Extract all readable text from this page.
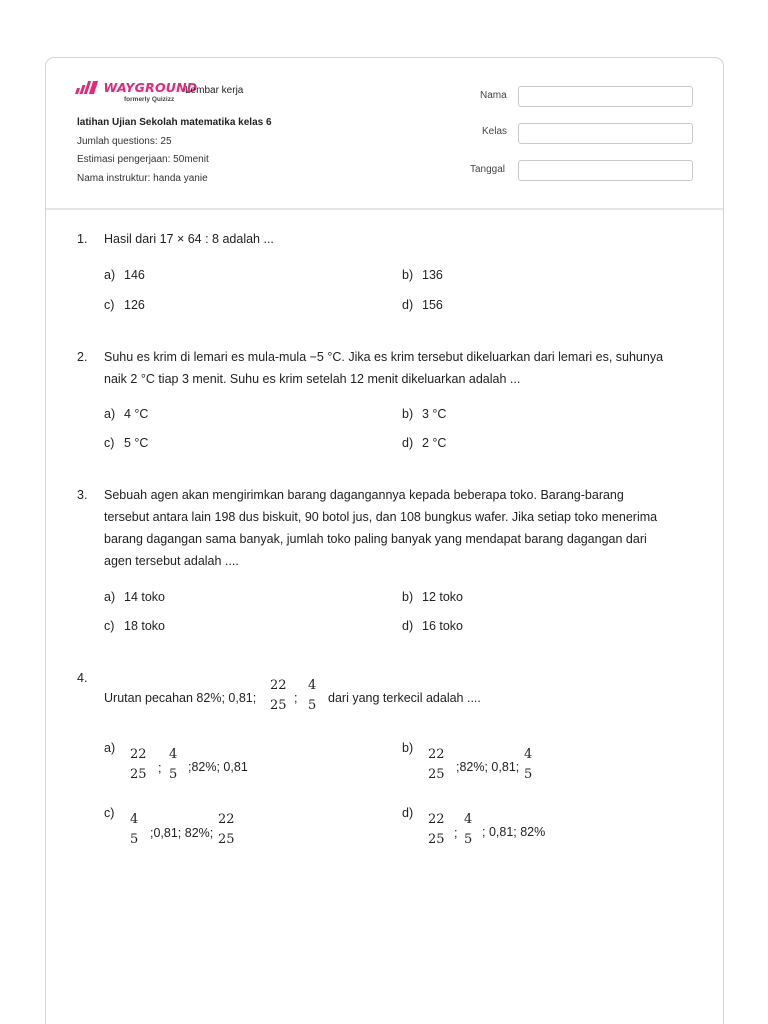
WAYGROUND
formerly Quizizz
Lembar kerja
latihan Ujian Sekolah matematika kelas 6
Jumlah questions: 25
Estimasi pengerjaan: 50menit
Nama instruktur: handa yanie
Nama
Kelas
Tanggal
1. Hasil dari 17 × 64 : 8 adalah ...
a) 146	b) 136
c) 126	d) 156
2. Suhu es krim di lemari es mula-mula −5 °C. Jika es krim tersebut dikeluarkan dari lemari es, suhunya
naik 2 °C tiap 3 menit. Suhu es krim setelah 12 menit dikeluarkan adalah ...
a) 4 °C	b) 3 °C
c) 5 °C	d) 2 °C
3. Sebuah agen akan mengirimkan barang dagangannya kepada beberapa toko. Barang-barang
tersebut antara lain 198 dus biskuit, 90 botol jus, dan 108 bungkus wafer. Jika setiap toko menerima
barang dagangan sama banyak, jumlah toko paling banyak yang mendapat barang dagangan dari
agen tersebut adalah ....
a) 14 toko	b) 12 toko
c) 18 toko	d) 16 toko
4.
Urutan pecahan 82%; 0,81;
22
25 ;
4
5 dari yang terkecil adalah ....
a) 22
25 ;
4
5 ;82%; 0,81
b) 22
25 ;82%; 0,81;
4
5
c) 4
5 ;0,81; 82%;
22
25
d) 22
25 ;
4
5 ; 0,81; 82%
